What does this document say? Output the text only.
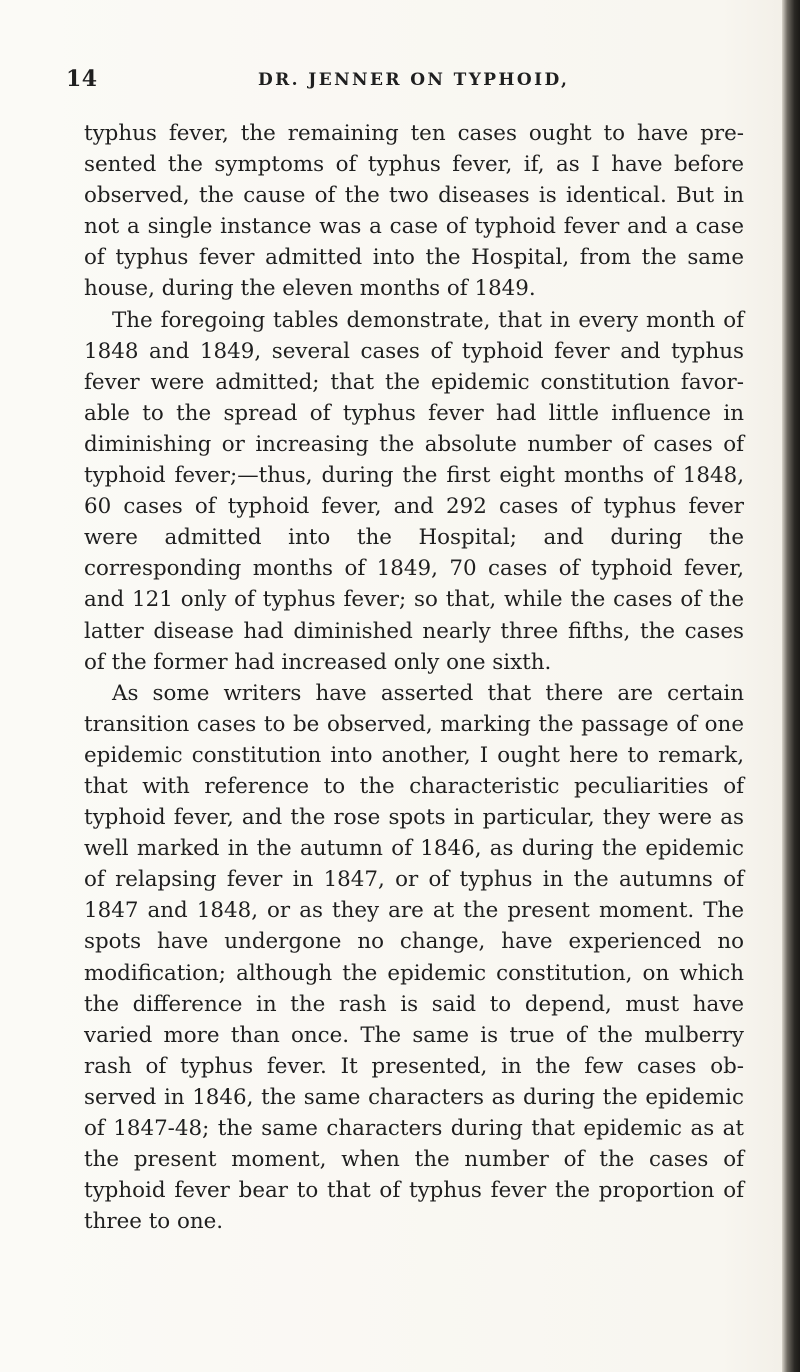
14	DR. JENNER ON TYPHOID,

typhus fever, the remaining ten cases ought to have pre-sented the symptoms of typhus fever, if, as I have before observed, the cause of the two diseases is identical. But in not a single instance was a case of typhoid fever and a case of typhus fever admitted into the Hospital, from the same house, during the eleven months of 1849.

The foregoing tables demonstrate, that in every month of 1848 and 1849, several cases of typhoid fever and typhus fever were admitted; that the epidemic constitution favor-able to the spread of typhus fever had little influence in diminishing or increasing the absolute number of cases of typhoid fever;—thus, during the first eight months of 1848, 60 cases of typhoid fever, and 292 cases of typhus fever were admitted into the Hospital; and during the corresponding months of 1849, 70 cases of typhoid fever, and 121 only of typhus fever; so that, while the cases of the latter disease had diminished nearly three fifths, the cases of the former had increased only one sixth.

As some writers have asserted that there are certain transition cases to be observed, marking the passage of one epidemic constitution into another, I ought here to remark, that with reference to the characteristic peculiarities of typhoid fever, and the rose spots in particular, they were as well marked in the autumn of 1846, as during the epidemic of relapsing fever in 1847, or of typhus in the autumns of 1847 and 1848, or as they are at the present moment. The spots have undergone no change, have experienced no modification; although the epidemic constitution, on which the difference in the rash is said to depend, must have varied more than once. The same is true of the mulberry rash of typhus fever. It presented, in the few cases ob-served in 1846, the same characters as during the epidemic of 1847-48; the same characters during that epidemic as at the present moment, when the number of the cases of typhoid fever bear to that of typhus fever the proportion of three to one.
